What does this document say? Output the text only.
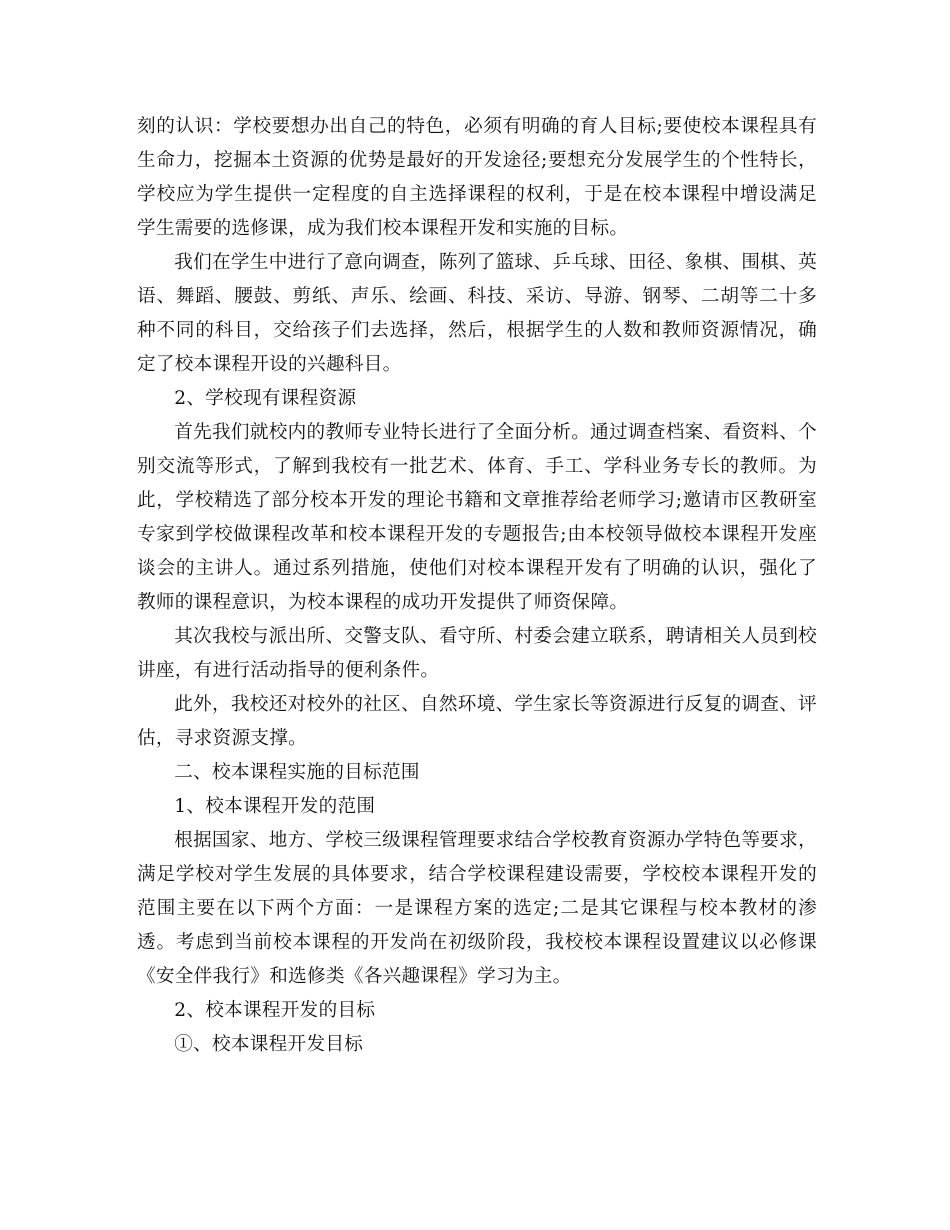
刻的认识：学校要想办出自己的特色，必须有明确的育人目标;要使校本课程具有生命力，挖掘本土资源的优势是最好的开发途径;要想充分发展学生的个性特长，学校应为学生提供一定程度的自主选择课程的权利，于是在校本课程中增设满足学生需要的选修课，成为我们校本课程开发和实施的目标。

我们在学生中进行了意向调查，陈列了篮球、乒乓球、田径、象棋、围棋、英语、舞蹈、腰鼓、剪纸、声乐、绘画、科技、采访、导游、钢琴、二胡等二十多种不同的科目，交给孩子们去选择，然后，根据学生的人数和教师资源情况，确定了校本课程开设的兴趣科目。

2、学校现有课程资源

首先我们就校内的教师专业特长进行了全面分析。通过调查档案、看资料、个别交流等形式，了解到我校有一批艺术、体育、手工、学科业务专长的教师。为此，学校精选了部分校本开发的理论书籍和文章推荐给老师学习;邀请市区教研室专家到学校做课程改革和校本课程开发的专题报告;由本校领导做校本课程开发座谈会的主讲人。通过系列措施，使他们对校本课程开发有了明确的认识，强化了教师的课程意识，为校本课程的成功开发提供了师资保障。

其次我校与派出所、交警支队、看守所、村委会建立联系，聘请相关人员到校讲座，有进行活动指导的便利条件。

此外，我校还对校外的社区、自然环境、学生家长等资源进行反复的调查、评估，寻求资源支撑。

二、校本课程实施的目标范围

1、校本课程开发的范围

根据国家、地方、学校三级课程管理要求结合学校教育资源办学特色等要求，满足学校对学生发展的具体要求，结合学校课程建设需要，学校校本课程开发的范围主要在以下两个方面：一是课程方案的选定;二是其它课程与校本教材的渗透。考虑到当前校本课程的开发尚在初级阶段，我校校本课程设置建议以必修课《安全伴我行》和选修类《各兴趣课程》学习为主。

2、校本课程开发的目标

①、校本课程开发目标
